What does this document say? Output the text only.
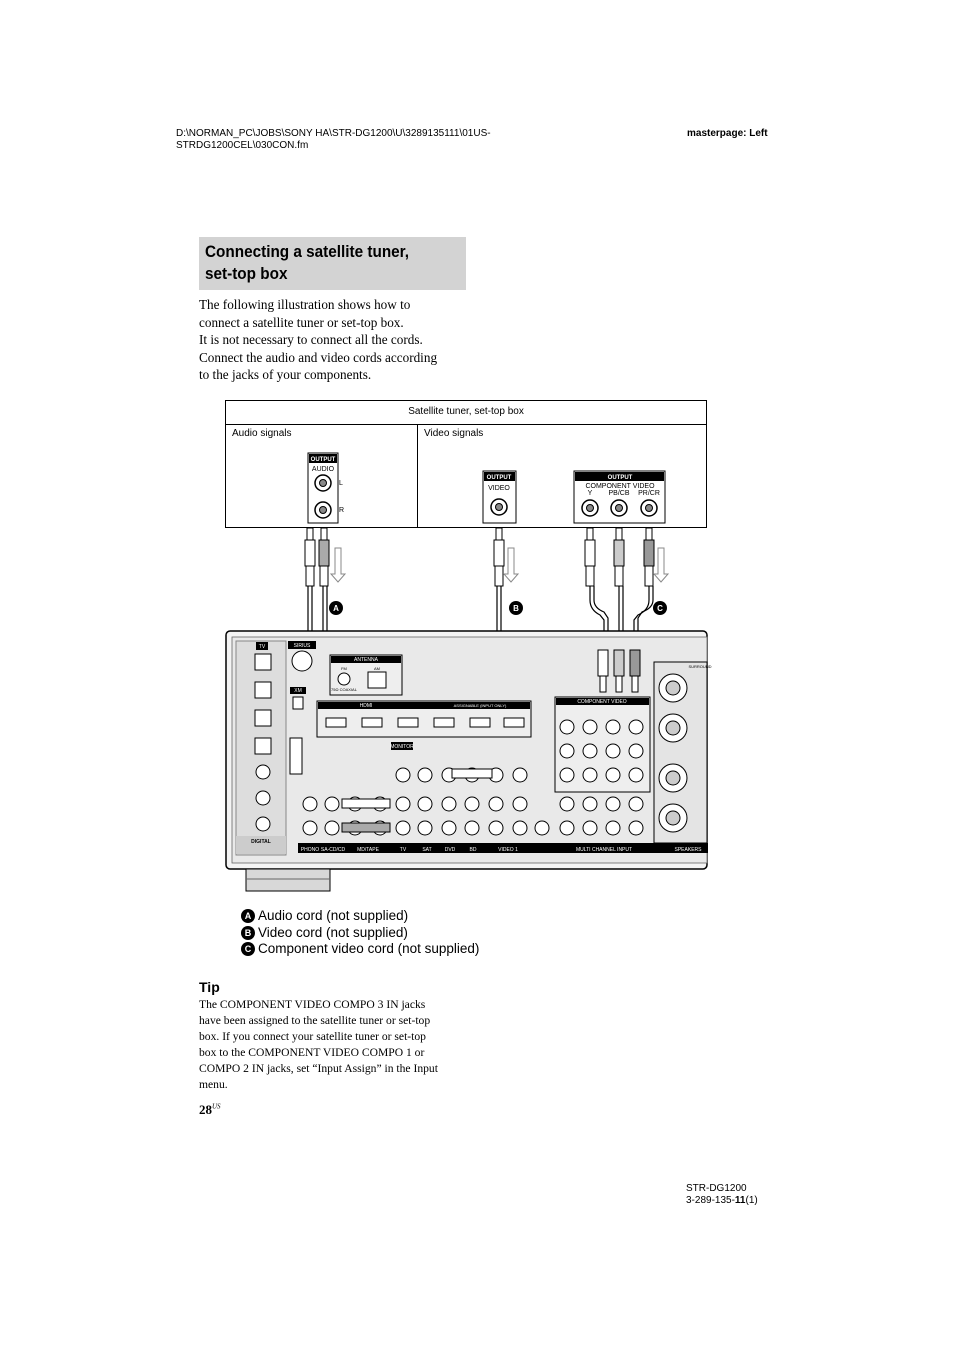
D:\NORMAN_PC\JOBS\SONY HA\STR-DG1200\U\3289135111\01US-
STRDG1200CEL\030CON.fm
masterpage: Left
Connecting a satellite tuner, set-top box
The following illustration shows how to
connect a satellite tuner or set-top box.
It is not necessary to connect all the cords.
Connect the audio and video cords according
to the jacks of your components.
Satellite tuner, set-top box
Audio signals	Video signals
OUTPUT
AUDIO
L
R
OUTPUT
VIDEO
OUTPUT
COMPONENT VIDEO
Y PB/CB PR/CR
A	B	C
TV
DIGITAL
SIRIUS
XM
ANTENNA
FM	AM
75Ω COAXIAL
HDMI	ASSIGNABLE (INPUT ONLY)
MONITOR
PHONO SA-CD/CD MD/TAPE	TV	SAT	DVD	BD	VIDEO 1	MULTI CHANNEL INPUT	SPEAKERS
COMPONENT VIDEO
SURROUND
A Audio cord (not supplied)
B Video cord (not supplied)
C Component video cord (not supplied)
Tip
The COMPONENT VIDEO COMPO 3 IN jacks
have been assigned to the satellite tuner or set-top
box. If you connect your satellite tuner or set-top
box to the COMPONENT VIDEO COMPO 1 or
COMPO 2 IN jacks, set “Input Assign” in the Input
menu.
$28^{US}$
STR-DG1200
3-289-135-11(1)
